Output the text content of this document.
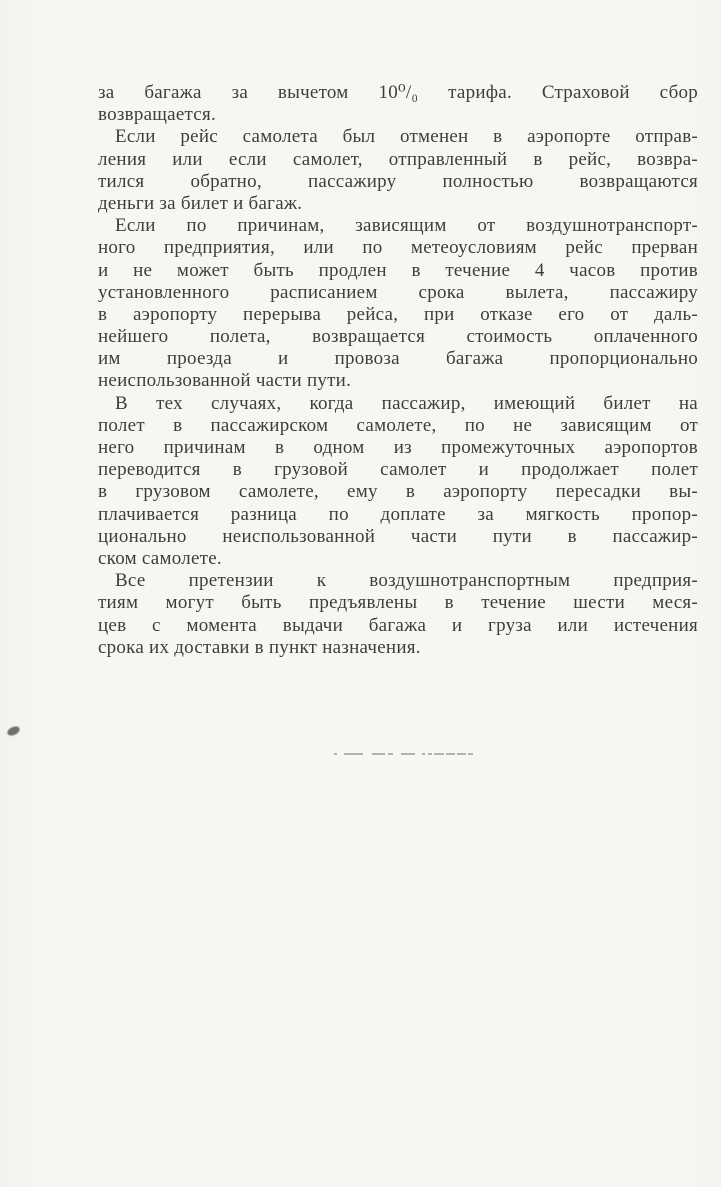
за багажа за вычетом 10⁰/₀ тарифа. Страховой сбор
возвращается.
Если рейс самолета был отменен в аэропорте отправ-
ления или если самолет, отправленный в рейс, возвра-
тился обратно, пассажиру полностью возвращаются
деньги за билет и багаж.
Если по причинам, зависящим от воздушнотранспорт-
ного предприятия, или по метеоусловиям рейс прерван
и не может быть продлен в течение 4 часов против
установленного расписанием срока вылета, пассажиру
в аэропорту перерыва рейса, при отказе его от даль-
нейшего полета, возвращается стоимость оплаченного
им проезда и провоза багажа пропорционально
неиспользованной части пути.
В тех случаях, когда пассажир, имеющий билет на
полет в пассажирском самолете, по не зависящим от
него причинам в одном из промежуточных аэропортов
переводится в грузовой самолет и продолжает полет
в грузовом самолете, ему в аэропорту пересадки вы-
плачивается разница по доплате за мягкость пропор-
ционально неиспользованной части пути в пассажир-
ском самолете.
Все претензии к воздушнотранспортным предприя-
тиям могут быть предъявлены в течение шести меся-
цев с момента выдачи багажа и груза или истечения
срока их доставки в пункт назначения.
